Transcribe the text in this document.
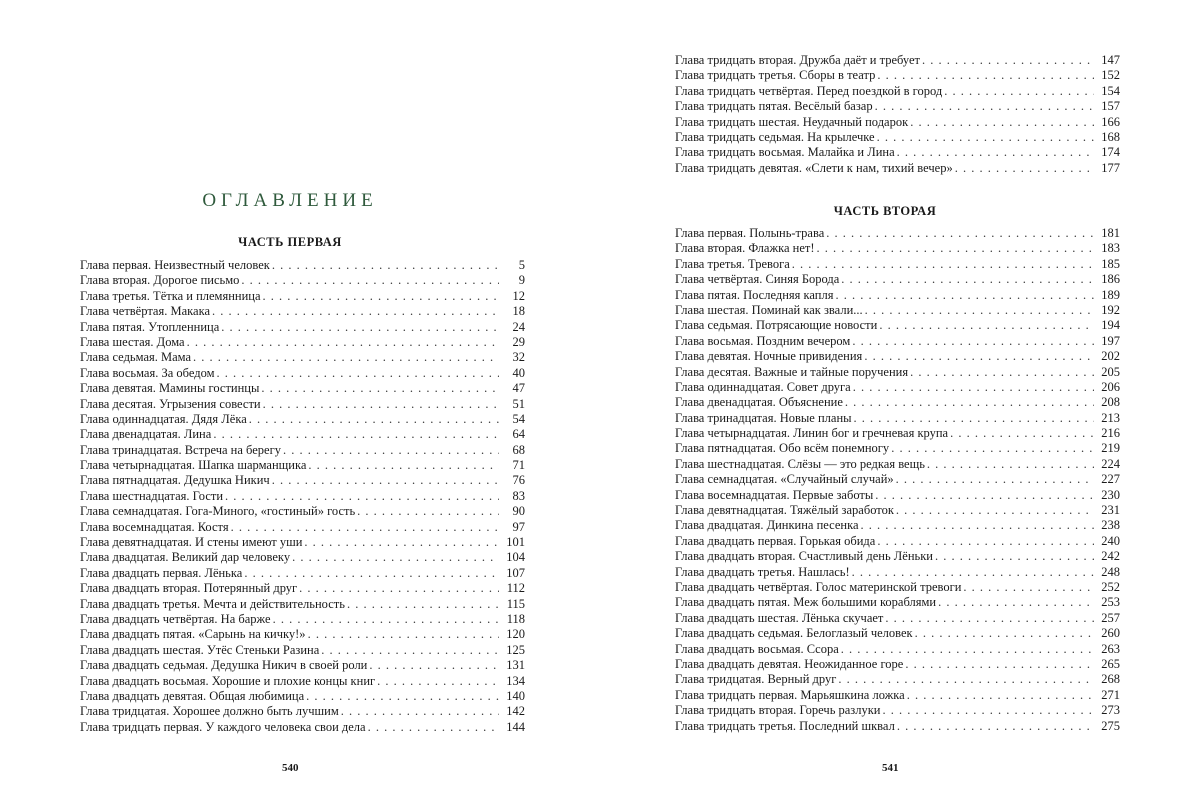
ОГЛАВЛЕНИЕ
ЧАСТЬ ПЕРВАЯ
Глава первая. Неизвестный человек . . .	5
Глава вторая. Дорогое письмо . . .	9
Глава третья. Тётка и племянница . . .	12
Глава четвёртая. Макака . . .	18
Глава пятая. Утопленница . . .	24
Глава шестая. Дома . . .	29
Глава седьмая. Мама . . .	32
Глава восьмая. За обедом . . .	40
Глава девятая. Мамины гостинцы . . .	47
Глава десятая. Угрызения совести . . .	51
Глава одиннадцатая. Дядя Лёка . . .	54
Глава двенадцатая. Лина . . .	64
Глава тринадцатая. Встреча на берегу . . .	68
Глава четырнадцатая. Шапка шарманщика . . .	71
Глава пятнадцатая. Дедушка Никич . . .	76
Глава шестнадцатая. Гости . . .	83
Глава семнадцатая. Гога-Миного, «гостиный» гость . . .	90
Глава восемнадцатая. Костя . . .	97
Глава девятнадцатая. И стены имеют уши . . .	101
Глава двадцатая. Великий дар человеку . . .	104
Глава двадцать первая. Лёнька . . .	107
Глава двадцать вторая. Потерянный друг . . .	112
Глава двадцать третья. Мечта и действительность . . .	115
Глава двадцать четвёртая. На барже . . .	118
Глава двадцать пятая. «Сарынь на кичку!» . . .	120
Глава двадцать шестая. Утёс Стеньки Разина . . .	125
Глава двадцать седьмая. Дедушка Никич в своей роли . . .	131
Глава двадцать восьмая. Хорошие и плохие концы книг . . .	134
Глава двадцать девятая. Общая любимица . . .	140
Глава тридцатая. Хорошее должно быть лучшим . . .	142
Глава тридцать первая. У каждого человека свои дела . . .	144
540
Глава тридцать вторая. Дружба даёт и требует . . .	147
Глава тридцать третья. Сборы в театр . . .	152
Глава тридцать четвёртая. Перед поездкой в город . . .	154
Глава тридцать пятая. Весёлый базар . . .	157
Глава тридцать шестая. Неудачный подарок . . .	166
Глава тридцать седьмая. На крылечке . . .	168
Глава тридцать восьмая. Малайка и Лина . . .	174
Глава тридцать девятая. «Слети к нам, тихий вечер» . . .	177
ЧАСТЬ ВТОРАЯ
Глава первая. Полынь-трава . . .	181
Глава вторая. Флажка нет! . . .	183
Глава третья. Тревога . . .	185
Глава четвёртая. Синяя Борода . . .	186
Глава пятая. Последняя капля . . .	189
Глава шестая. Поминай как звали... . . .	192
Глава седьмая. Потрясающие новости . . .	194
Глава восьмая. Поздним вечером . . .	197
Глава девятая. Ночные привидения . . .	202
Глава десятая. Важные и тайные поручения . . .	205
Глава одиннадцатая. Совет друга . . .	206
Глава двенадцатая. Объяснение . . .	208
Глава тринадцатая. Новые планы . . .	213
Глава четырнадцатая. Линин бог и гречневая крупа . . .	216
Глава пятнадцатая. Обо всём понемногу . . .	219
Глава шестнадцатая. Слёзы — это редкая вещь . . .	224
Глава семнадцатая. «Случайный случай» . . .	227
Глава восемнадцатая. Первые заботы . . .	230
Глава девятнадцатая. Тяжёлый заработок . . .	231
Глава двадцатая. Динкина песенка . . .	238
Глава двадцать первая. Горькая обида . . .	240
Глава двадцать вторая. Счастливый день Лёньки . . .	242
Глава двадцать третья. Нашлась! . . .	248
Глава двадцать четвёртая. Голос материнской тревоги . . .	252
Глава двадцать пятая. Меж большими кораблями . . .	253
Глава двадцать шестая. Лёнька скучает . . .	257
Глава двадцать седьмая. Белоглазый человек . . .	260
Глава двадцать восьмая. Ссора . . .	263
Глава двадцать девятая. Неожиданное горе . . .	265
Глава тридцатая. Верный друг . . .	268
Глава тридцать первая. Марьяшкина ложка . . .	271
Глава тридцать вторая. Горечь разлуки . . .	273
Глава тридцать третья. Последний шквал . . .	275
541
